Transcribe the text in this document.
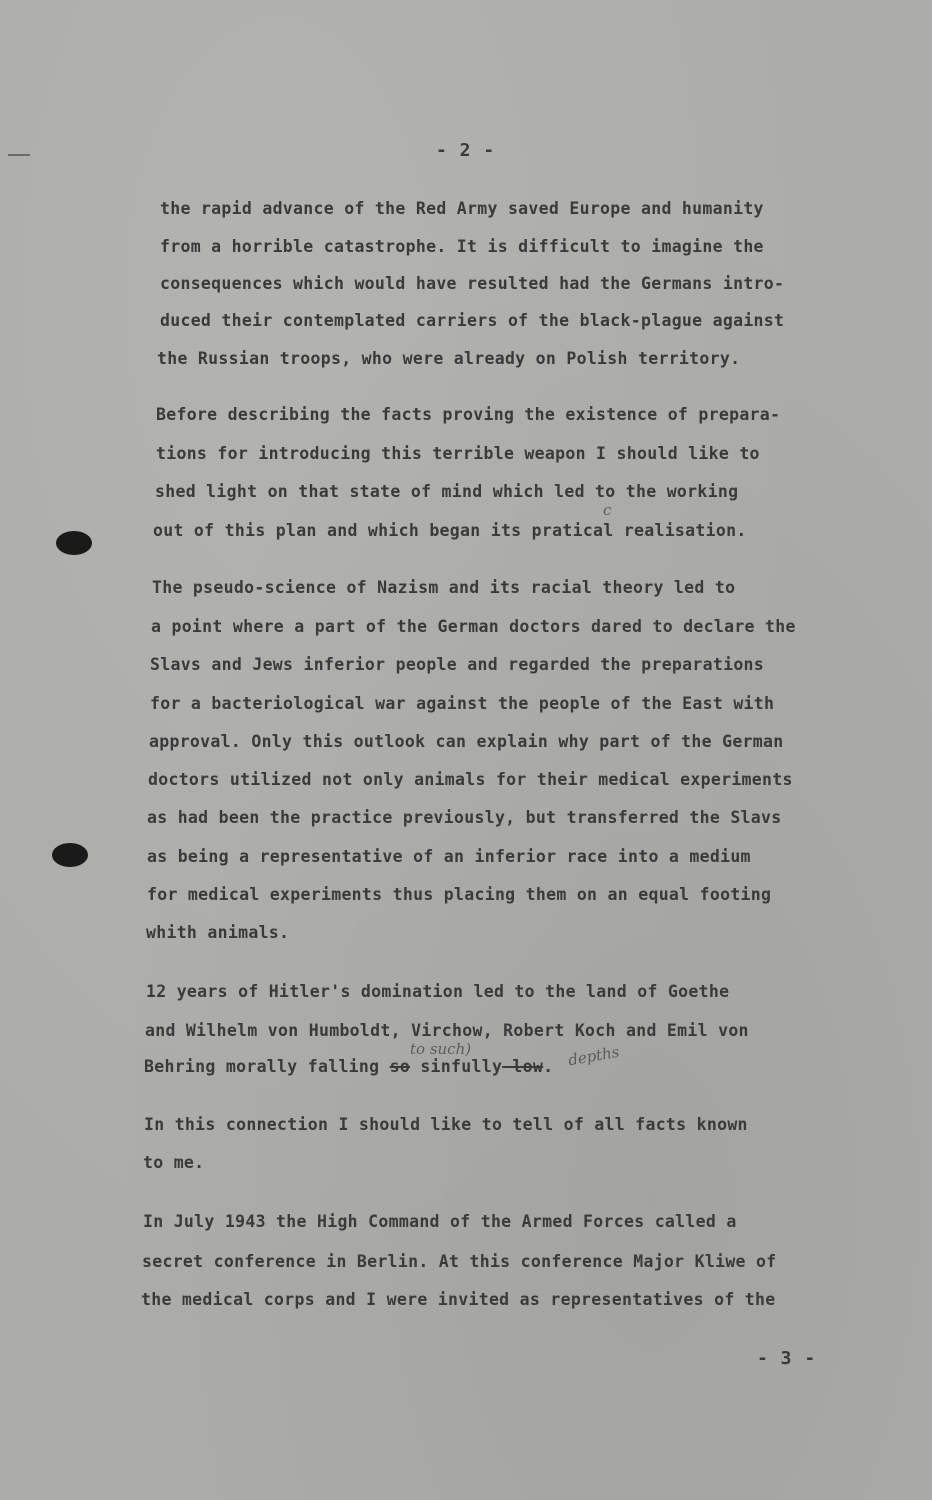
- 2 -
the rapid advance of the Red Army saved Europe and humanity
from a horrible catastrophe. It is difficult to imagine the
consequences which would have resulted had the Germans intro-
duced their contemplated carriers of the black-plague against
the Russian troops, who were already on Polish territory.
Before describing the facts proving the existence of prepara-
tions for introducing this terrible weapon I should like to
shed light on that state of mind which led to the working
out of this plan and which began its pratical realisation.
c
The pseudo-science of Nazism and its racial theory led to
a point where a part of the German doctors dared to declare the
Slavs and Jews inferior people and regarded the preparations
for a bacteriological war against the people of the East with
approval. Only this outlook can explain why part of the German
doctors utilized not only animals for their medical experiments
as had been the practice previously, but transferred the Slavs
as being a representative of an inferior race into a medium
for medical experiments thus placing them on an equal footing
whith animals.
12 years of Hitler's domination led to the land of Goethe
and Wilhelm von Humboldt, Virchow, Robert Koch and Emil von
Behring morally falling so sinfully low.
to such)	depths
In this connection I should like to tell of all facts known
to me.
In July 1943 the High Command of the Armed Forces called a
secret conference in Berlin. At this conference Major Kliwe of
the medical corps and I were invited as representatives of the
- 3 -
